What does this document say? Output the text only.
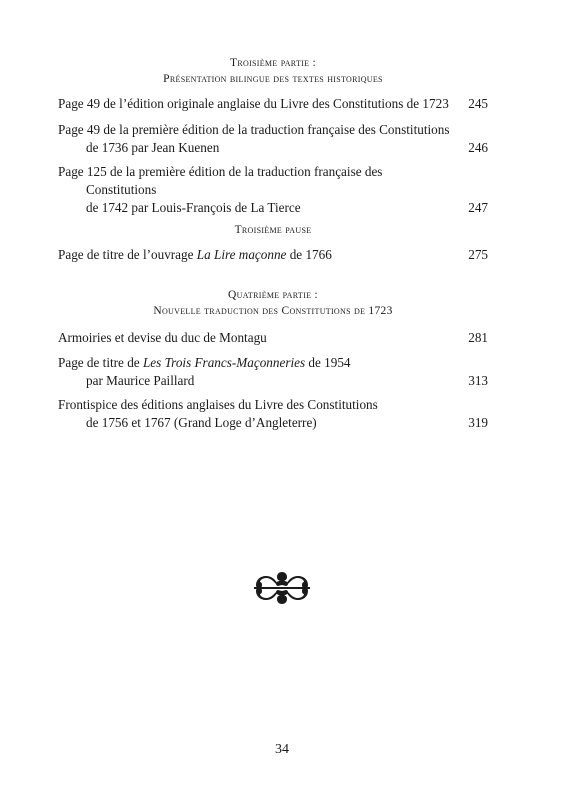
Troisième partie :
Présentation bilingue des textes historiques
Page 49 de l’édition originale anglaise du Livre des Constitutions de 1723	245
Page 49 de la première édition de la traduction française des Constitutions
de 1736 par Jean Kuenen	246
Page 125 de la première édition de la traduction française des Constitutions
de 1742 par Louis-François de La Tierce	247
Troisième pause
Page de titre de l’ouvrage La Lire maçonne de 1766	275
Quatrième partie :
Nouvelle traduction des Constitutions de 1723
Armoiries et devise du duc de Montagu	281
Page de titre de Les Trois Francs-Maçonneries de 1954
par Maurice Paillard	313
Frontispice des éditions anglaises du Livre des Constitutions
de 1756 et 1767 (Grand Loge d’Angleterre)	319
34
